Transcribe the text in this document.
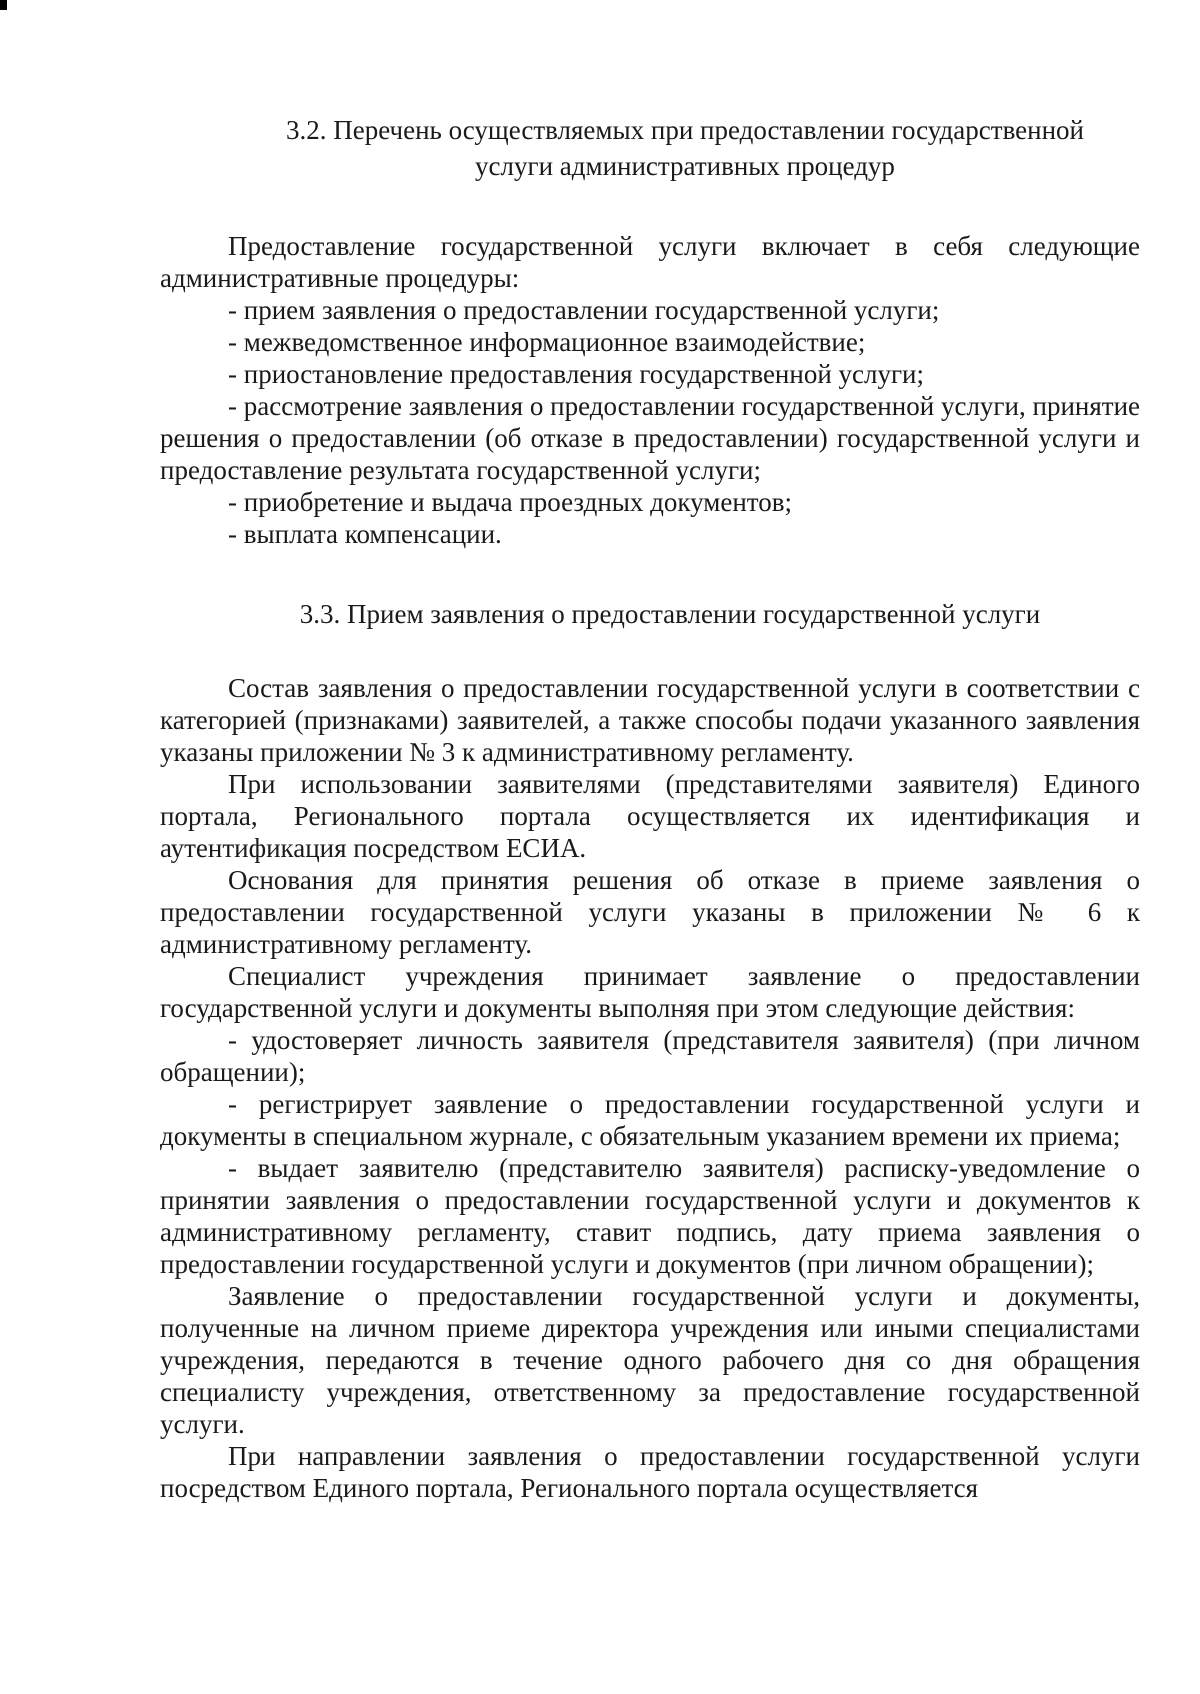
3.2. Перечень осуществляемых при предоставлении государственной
услуги административных процедур

Предоставление государственной услуги включает в себя следующие административные процедуры:

- прием заявления о предоставлении государственной услуги;

- межведомственное информационное взаимодействие;

- приостановление предоставления государственной услуги;

- рассмотрение заявления о предоставлении государственной услуги, принятие решения о предоставлении (об отказе в предоставлении) государственной услуги и предоставление результата государственной услуги;

- приобретение и выдача проездных документов;

- выплата компенсации.

3.3. Прием заявления о предоставлении государственной услуги

Состав заявления о предоставлении государственной услуги в соответствии с категорией (признаками) заявителей, а также способы подачи указанного заявления указаны приложении № 3 к административному регламенту.

При использовании заявителями (представителями заявителя) Единого портала, Регионального портала осуществляется их идентификация и аутентификация посредством ЕСИА.

Основания для принятия решения об отказе в приеме заявления о предоставлении государственной услуги указаны в приложении № 6 к административному регламенту.

Специалист учреждения принимает заявление о предоставлении государственной услуги и документы выполняя при этом следующие действия:

- удостоверяет личность заявителя (представителя заявителя) (при личном обращении);

- регистрирует заявление о предоставлении государственной услуги и документы в специальном журнале, с обязательным указанием времени их приема;

- выдает заявителю (представителю заявителя) расписку-уведомление о принятии заявления о предоставлении государственной услуги и документов к административному регламенту, ставит подпись, дату приема заявления о предоставлении государственной услуги и документов (при личном обращении);

Заявление о предоставлении государственной услуги и документы, полученные на личном приеме директора учреждения или иными специалистами учреждения, передаются в течение одного рабочего дня со дня обращения специалисту учреждения, ответственному за предоставление государственной услуги.

При направлении заявления о предоставлении государственной услуги посредством Единого портала, Регионального портала осуществляется
